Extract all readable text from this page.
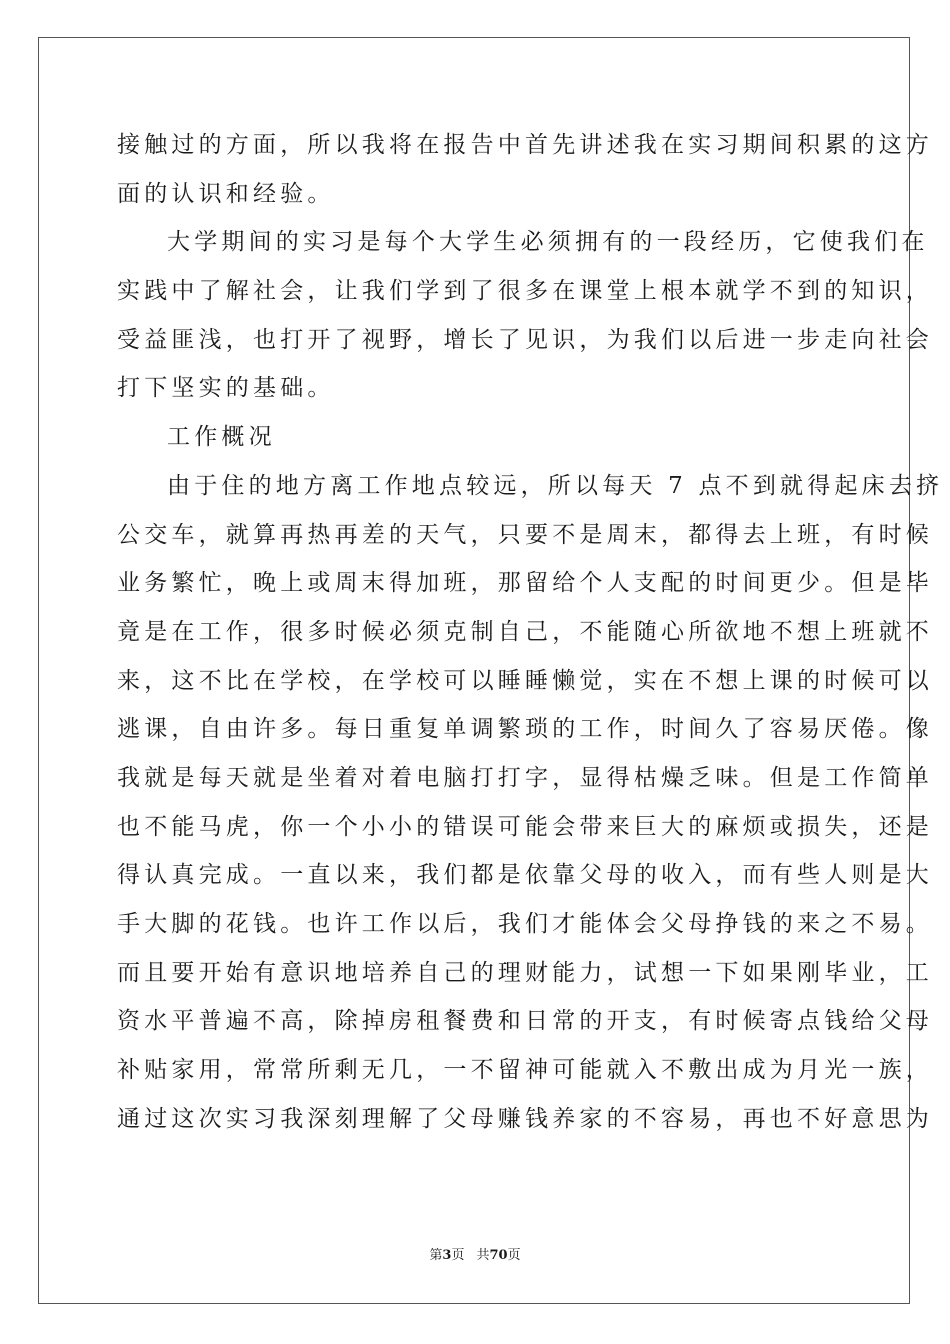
接触过的方面，所以我将在报告中首先讲述我在实习期间积累的这方
面的认识和经验。
大学期间的实习是每个大学生必须拥有的一段经历，它使我们在
实践中了解社会，让我们学到了很多在课堂上根本就学不到的知识，
受益匪浅，也打开了视野，增长了见识，为我们以后进一步走向社会
打下坚实的基础。
工作概况
由于住的地方离工作地点较远，所以每天 7 点不到就得起床去挤
公交车，就算再热再差的天气，只要不是周末，都得去上班，有时候
业务繁忙，晚上或周末得加班，那留给个人支配的时间更少。但是毕
竟是在工作，很多时候必须克制自己，不能随心所欲地不想上班就不
来，这不比在学校，在学校可以睡睡懒觉，实在不想上课的时候可以
逃课，自由许多。每日重复单调繁琐的工作，时间久了容易厌倦。像
我就是每天就是坐着对着电脑打打字，显得枯燥乏味。但是工作简单
也不能马虎，你一个小小的错误可能会带来巨大的麻烦或损失，还是
得认真完成。一直以来，我们都是依靠父母的收入，而有些人则是大
手大脚的花钱。也许工作以后，我们才能体会父母挣钱的来之不易。
而且要开始有意识地培养自己的理财能力，试想一下如果刚毕业，工
资水平普遍不高，除掉房租餐费和日常的开支，有时候寄点钱给父母
补贴家用，常常所剩无几，一不留神可能就入不敷出成为月光一族，
通过这次实习我深刻理解了父母赚钱养家的不容易，再也不好意思为
第3页 共70页
